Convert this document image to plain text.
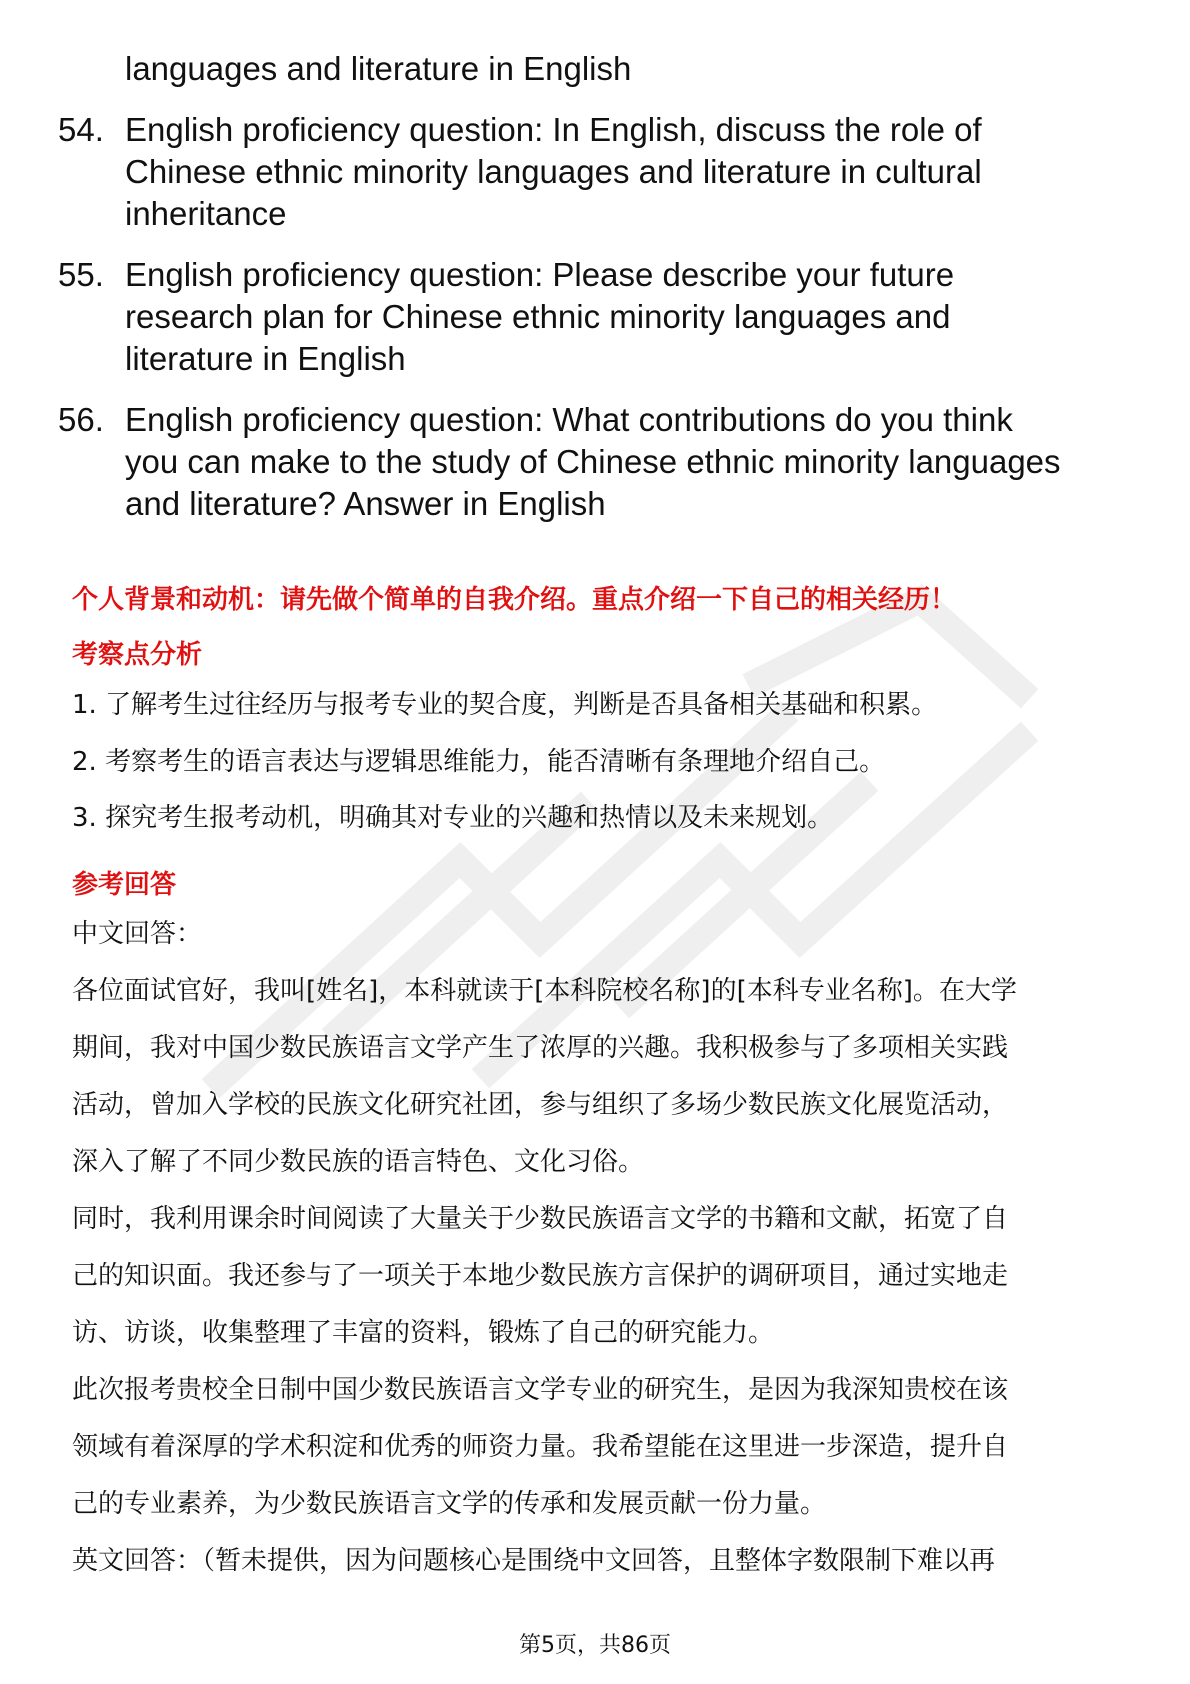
languages and literature in English
54. English proficiency question: In English, discuss the role of
Chinese ethnic minority languages and literature in cultural
inheritance
55. English proficiency question: Please describe your future
research plan for Chinese ethnic minority languages and
literature in English
56. English proficiency question: What contributions do you think
you can make to the study of Chinese ethnic minority languages
and literature? Answer in English
个人背景和动机：请先做个简单的自我介绍。重点介绍一下自己的相关经历！
考察点分析
1. 了解考生过往经历与报考专业的契合度，判断是否具备相关基础和积累。
2. 考察考生的语言表达与逻辑思维能力，能否清晰有条理地介绍自己。
3. 探究考生报考动机，明确其对专业的兴趣和热情以及未来规划。
参考回答
中文回答：
各位面试官好，我叫[姓名]，本科就读于[本科院校名称]的[本科专业名称]。在大学
期间，我对中国少数民族语言文学产生了浓厚的兴趣。我积极参与了多项相关实践
活动，曾加入学校的民族文化研究社团，参与组织了多场少数民族文化展览活动，
深入了解了不同少数民族的语言特色、文化习俗。
同时，我利用课余时间阅读了大量关于少数民族语言文学的书籍和文献，拓宽了自
己的知识面。我还参与了一项关于本地少数民族方言保护的调研项目，通过实地走
访、访谈，收集整理了丰富的资料，锻炼了自己的研究能力。
此次报考贵校全日制中国少数民族语言文学专业的研究生，是因为我深知贵校在该
领域有着深厚的学术积淀和优秀的师资力量。我希望能在这里进一步深造，提升自
己的专业素养，为少数民族语言文学的传承和发展贡献一份力量。
英文回答：（暂未提供，因为问题核心是围绕中文回答，且整体字数限制下难以再
第5页，共86页
